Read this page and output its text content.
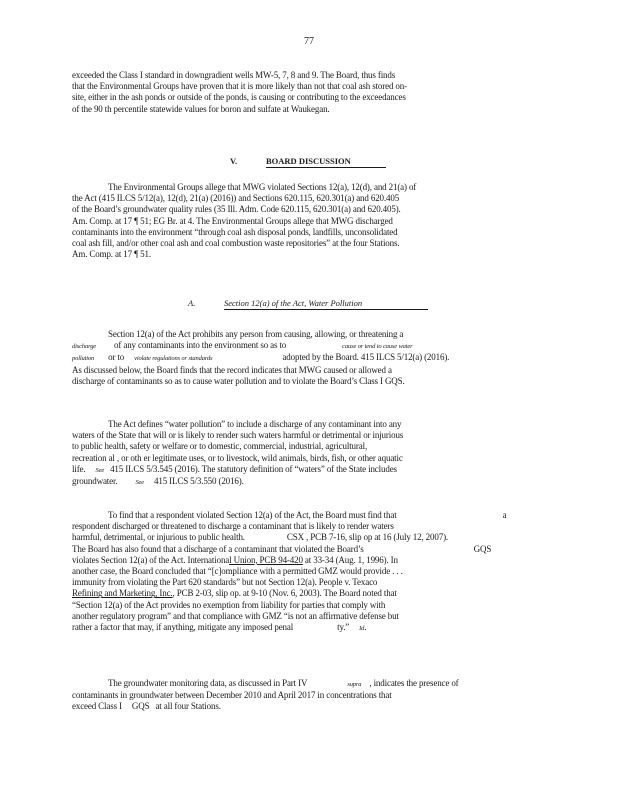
77

exceeded the Class I standard in downgradient wells MW-5, 7, 8 and 9. The Board, thus finds

that the Environmental Groups have proven that it is more likely than not that coal ash stored on-

site, either in the ash ponds or outside of the ponds, is causing or contributing to the exceedances

of the 90 th percentile statewide values for boron and sulfate at Waukegan.

V.	BOARD DISCUSSION

The Environmental Groups allege that MWG violated Sections 12(a), 12(d), and 21(a) of

the Act (415 ILCS 5/12(a), 12(d), 21(a) (2016)) and Sections 620.115, 620.301(a) and 620.405

of the Board’s groundwater quality rules (35 Ill. Adm. Code 620.115, 620.301(a) and 620.405).

Am. Comp. at 17 ¶ 51; EG Br. at 4. The Environmental Groups allege that MWG discharged

contaminants into the environment “through coal ash disposal ponds, landfills, unconsolidated

coal ash fill, and/or other coal ash and coal combustion waste repositories” at the four Stations.

Am. Comp. at 17 ¶ 51.

A.	Section 12(a) of the Act, Water Pollution

Section 12(a) of the Act prohibits any person from causing, allowing, or threatening a

discharge of any contaminants into the environment so as to	cause or tend to cause water

pollution or to violate regulations or standards	adopted by the Board. 415 ILCS 5/12(a) (2016).

As discussed below, the Board finds that the record indicates that MWG caused or allowed a

discharge of contaminants so as to cause water pollution and to violate the Board’s Class I GQS.

The Act defines “water pollution” to include a discharge of any contaminant into any

waters of the State that will or is likely to render such waters harmful or detrimental or injurious

to public health, safety or welfare or to domestic, commercial, industrial, agricultural,

recreation al , or oth er legitimate uses, or to livestock, wild animals, birds, fish, or other aquatic

life. See 415 ILCS 5/3.545 (2016). The statutory definition of “waters” of the State includes

groundwater.	See 415 ILCS 5/3.550 (2016).

To find that a respondent violated Section 12(a) of the Act, the Board must find that	a

respondent discharged or threatened to discharge a contaminant that is likely to render waters

harmful, detrimental, or injurious to public health.	CSX , PCB 7-16, slip op at 16 (July 12, 2007).

The Board has also found that a discharge of a contaminant that violated the Board’s	GQS

violates Section 12(a) of the Act. International Union, PCB 94-420 at 33-34 (Aug. 1, 1996). In

another case, the Board concluded that “[c]ompliance with a permitted GMZ would provide . . .

immunity from violating the Part 620 standards” but not Section 12(a). People v. Texaco

Refining and Marketing, Inc., PCB 2-03, slip op. at 9-10 (Nov. 6, 2003). The Board noted that

“Section 12(a) of the Act provides no exemption from liability for parties that comply with

another regulatory program” and that compliance with GMZ “is not an affirmative defense but

rather a factor that may, if anything, mitigate any imposed penal	ty.” Id.

The groundwater monitoring data, as discussed in Part IV	supra , indicates the presence of

contaminants in groundwater between December 2010 and April 2017 in concentrations that

exceed Class I GQS at all four Stations.
